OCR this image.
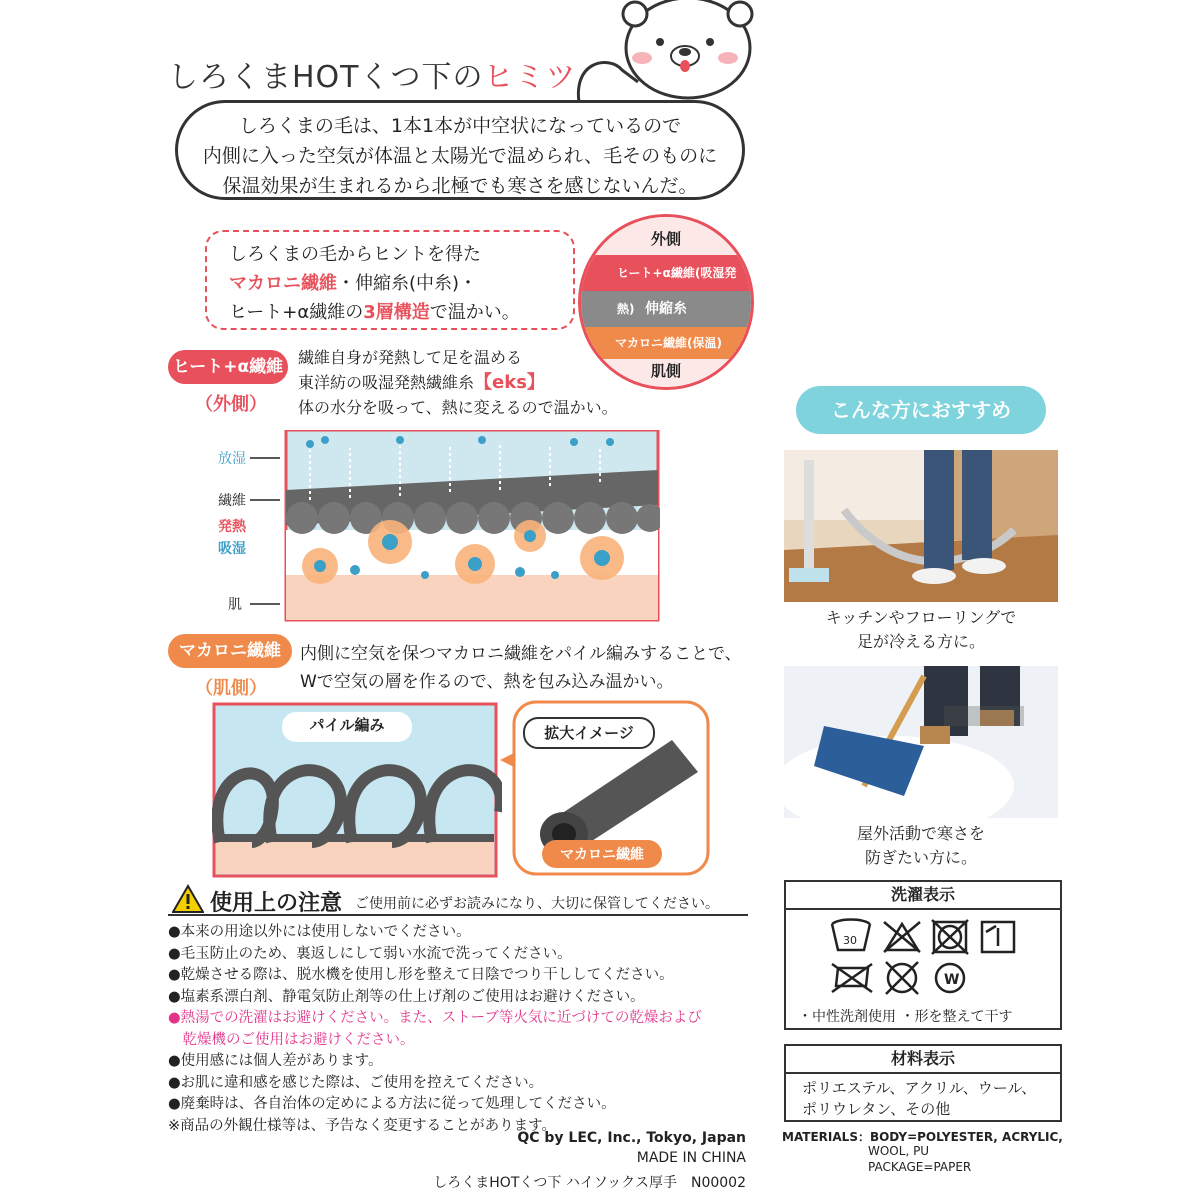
しろくまHOTくつ下のヒミツ
しろくまの毛は、1本1本が中空状になっているので
内側に入った空気が体温と太陽光で温められ、毛そのものに
保温効果が生まれるから北極でも寒さを感じないんだ。
しろくまの毛からヒントを得た
マカロニ繊維・伸縮糸(中糸)・
ヒート+α繊維の3層構造で温かい。
外側
ヒート+α繊維(吸湿発熱) 伸縮糸
マカロニ繊維(保温)
肌側
ヒート+α繊維
（外側）
繊維自身が発熱して足を温める
東洋紡の吸湿発熱繊維糸【eks】
体の水分を吸って、熱に変えるので温かい。
放湿
繊維
発熱
吸湿
肌
マカロニ繊維
（肌側）
内側に空気を保つマカロニ繊維をパイル編みすることで、
Wで空気の層を作るので、熱を包み込み温かい。
パイル編み	拡大イメージ
マカロニ繊維
使用上の注意 ご使用前に必ずお読みになり、大切に保管してください。
●本来の用途以外には使用しないでください。
●毛玉防止のため、裏返しにして弱い水流で洗ってください。
●乾燥させる際は、脱水機を使用し形を整えて日陰でつり干ししてください。
●塩素系漂白剤、静電気防止剤等の仕上げ剤のご使用はお避けください。
●熱湯での洗濯はお避けください。また、ストーブ等火気に近づけての乾燥および
　乾燥機のご使用はお避けください。
●使用感には個人差があります。
●お肌に違和感を感じた際は、ご使用を控えてください。
●廃棄時は、各自治体の定めによる方法に従って処理してください。
※商品の外観仕様等は、予告なく変更することがあります。
QC by LEC, Inc., Tokyo, Japan
MADE IN CHINA
しろくまHOTくつ下 ハイソックス厚手　N00002
こんな方におすすめ
キッチンやフローリングで
足が冷える方に。
屋外活動で寒さを
防ぎたい方に。
洗濯表示
30
W
・中性洗剤使用 ・形を整えて干す
材料表示
ポリエステル、アクリル、ウール、
ポリウレタン、その他
MATERIALS：BODY=POLYESTER, ACRYLIC,
WOOL, PU
PACKAGE=PAPER
